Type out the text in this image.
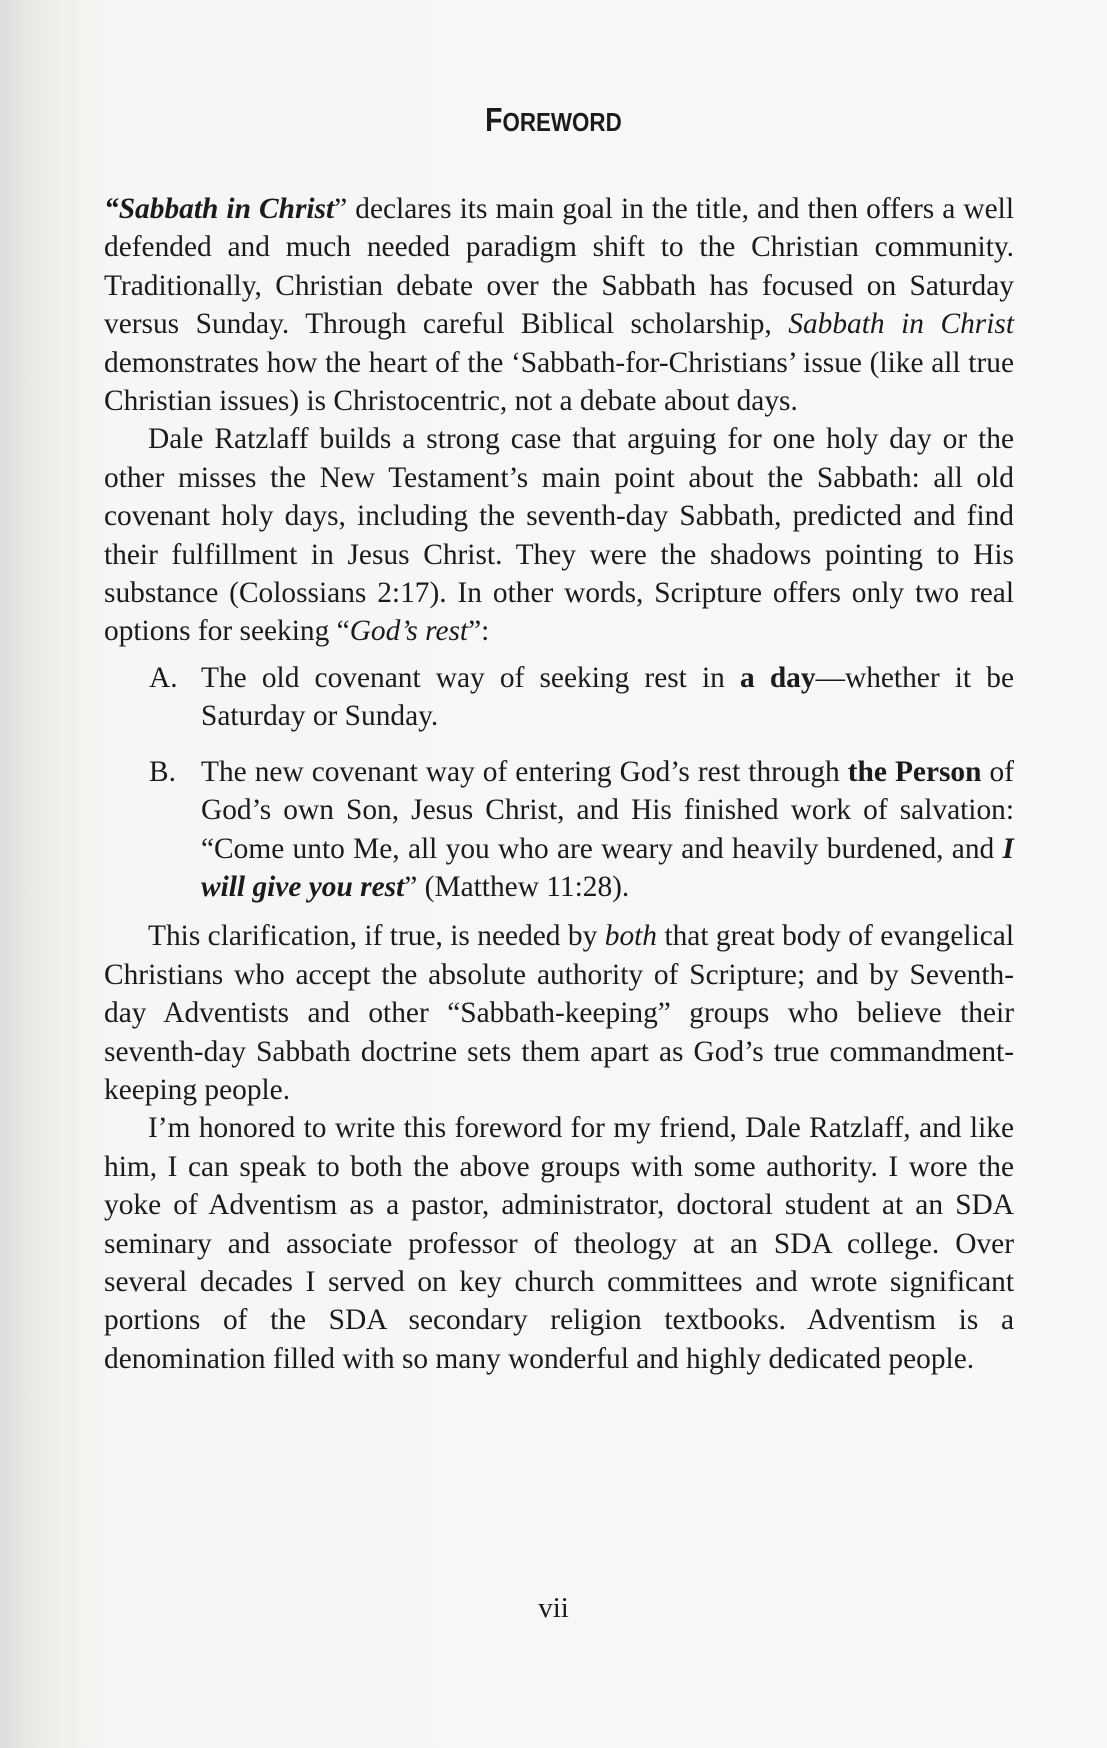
FOREWORD

“Sabbath in Christ” declares its main goal in the title, and then offers a well defended and much needed paradigm shift to the Christian community. Traditionally, Christian debate over the Sabbath has focused on Saturday versus Sunday. Through careful Biblical scholarship, Sabbath in Christ demonstrates how the heart of the ‘Sabbath-for-Christians’ issue (like all true Christian issues) is Christocentric, not a debate about days.

Dale Ratzlaff builds a strong case that arguing for one holy day or the other misses the New Testament’s main point about the Sabbath: all old covenant holy days, including the seventh-day Sabbath, predicted and find their fulfillment in Jesus Christ. They were the shadows pointing to His substance (Colossians 2:17). In other words, Scripture offers only two real options for seeking “God’s rest”:

A. The old covenant way of seeking rest in a day—whether it be Saturday or Sunday.
B. The new covenant way of entering God’s rest through the Person of God’s own Son, Jesus Christ, and His finished work of salvation: “Come unto Me, all you who are weary and heavily burdened, and I will give you rest” (Matthew 11:28).

This clarification, if true, is needed by both that great body of evangelical Christians who accept the absolute authority of Scripture; and by Seventh-day Adventists and other “Sabbath-keeping” groups who believe their seventh-day Sabbath doctrine sets them apart as God’s true commandment-keeping people.

I’m honored to write this foreword for my friend, Dale Ratzlaff, and like him, I can speak to both the above groups with some authority. I wore the yoke of Adventism as a pastor, administrator, doctoral student at an SDA seminary and associate professor of theology at an SDA college. Over several decades I served on key church committees and wrote significant portions of the SDA secondary religion textbooks. Adventism is a denomination filled with so many wonderful and highly dedicated people.

vii
